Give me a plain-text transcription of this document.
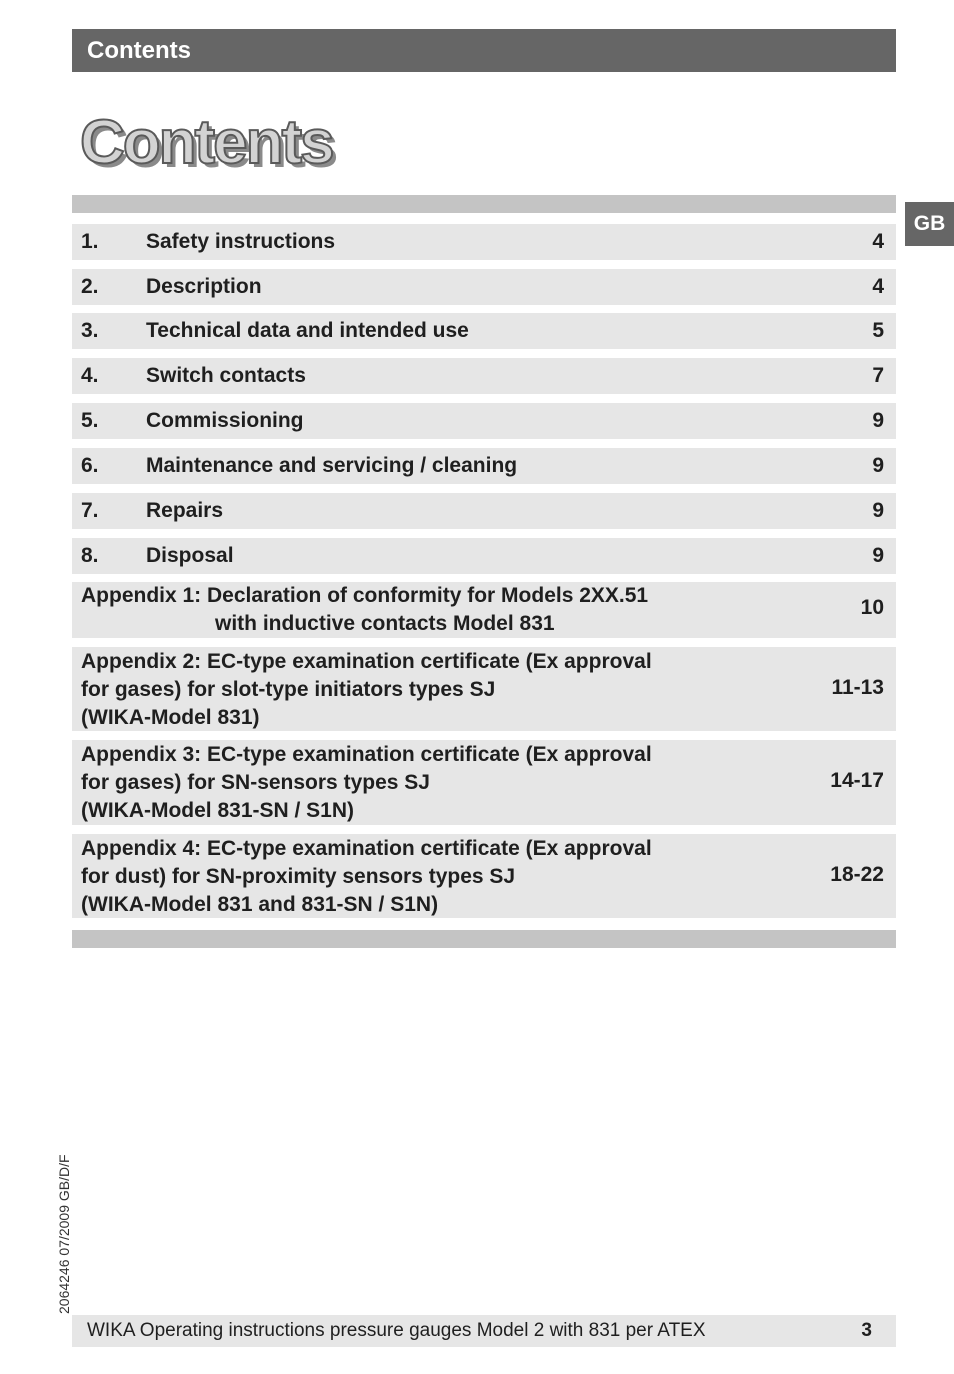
Contents
Contents
GB
1. Safety instructions	4
2. Description	4
3. Technical data and intended use	5
4. Switch contacts	7
5. Commissioning	9
6. Maintenance and servicing / cleaning	9
7. Repairs	9
8. Disposal	9
Appendix 1: Declaration of conformity for Models 2XX.51
with inductive contacts Model 831
10
Appendix 2: EC-type examination certificate (Ex approval
for gases) for slot-type initiators types SJ
(WIKA-Model 831)
11-13
Appendix 3: EC-type examination certificate (Ex approval
for gases) for SN-sensors types SJ
(WIKA-Model 831-SN / S1N)
14-17
Appendix 4: EC-type examination certificate (Ex approval
for dust) for SN-proximity sensors types SJ
(WIKA-Model 831 and 831-SN / S1N)
18-22
2064246 07/2009 GB/D/F
WIKA Operating instructions pressure gauges Model 2 with 831 per ATEX	3
